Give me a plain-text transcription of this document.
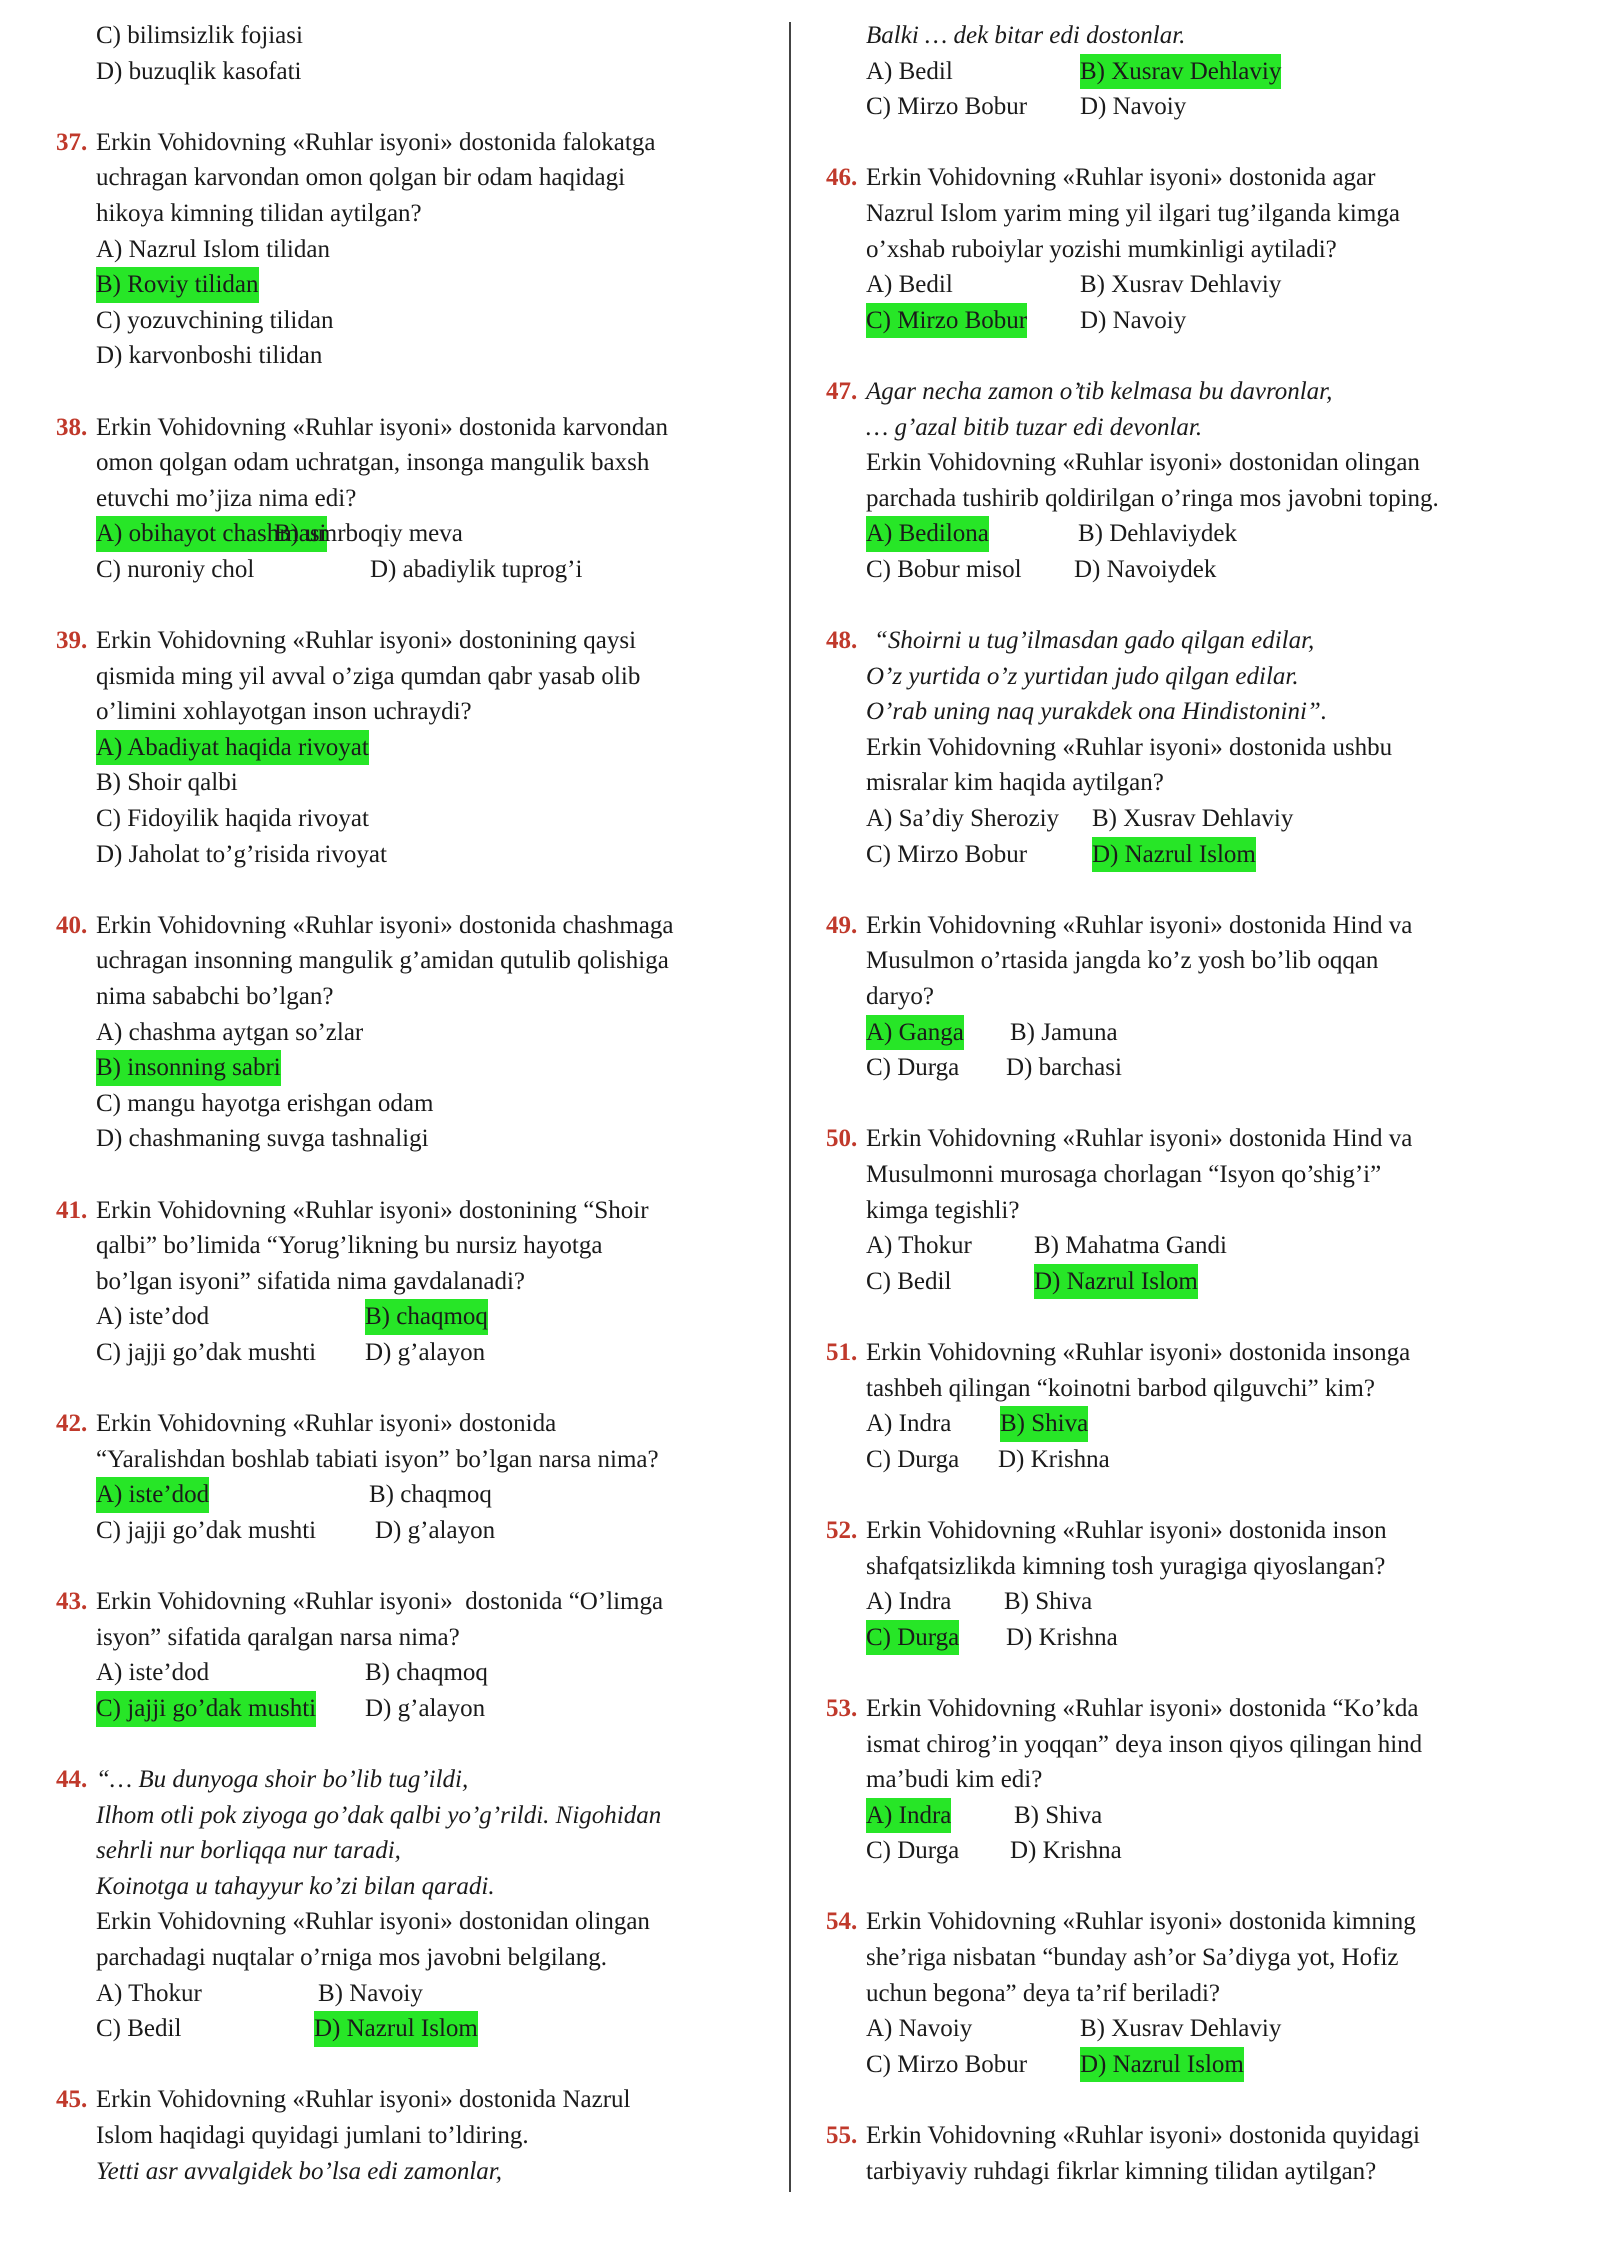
C) bilimsizlik fojiasi
D) buzuqlik kasofati
37. Erkin Vohidovning «Ruhlar isyoni» dostonida falokatga
uchragan karvondan omon qolgan bir odam haqidagi
hikoya kimning tilidan aytilgan?
A) Nazrul Islom tilidan
B) Roviy tilidan
C) yozuvchining tilidan
D) karvonboshi tilidan
38. Erkin Vohidovning «Ruhlar isyoni» dostonida karvondan
omon qolgan odam uchratgan, insonga mangulik baxsh
etuvchi mo’jiza nima edi?
A) obihayot chashmasi
B) umrboqiy meva
C) nuroniy chol	D) abadiylik tuprog’i
39. Erkin Vohidovning «Ruhlar isyoni» dostonining qaysi
qismida ming yil avval o’ziga qumdan qabr yasab olib
o’limini xohlayotgan inson uchraydi?
A) Abadiyat haqida rivoyat
B) Shoir qalbi
C) Fidoyilik haqida rivoyat
D) Jaholat to’g’risida rivoyat
40. Erkin Vohidovning «Ruhlar isyoni» dostonida chashmaga
uchragan insonning mangulik g’amidan qutulib qolishiga
nima sababchi bo’lgan?
A) chashma aytgan so’zlar
B) insonning sabri
C) mangu hayotga erishgan odam
D) chashmaning suvga tashnaligi
41. Erkin Vohidovning «Ruhlar isyoni» dostonining “Shoir
qalbi” bo’limida “Yorug’likning bu nursiz hayotga
bo’lgan isyoni” sifatida nima gavdalanadi?
A) iste’dod	B) chaqmoq
C) jajji go’dak mushti D) g’alayon
42. Erkin Vohidovning «Ruhlar isyoni» dostonida
“Yaralishdan boshlab tabiati isyon” bo’lgan narsa nima?
A) iste’dod	B) chaqmoq
C) jajji go’dak mushti D) g’alayon
43. Erkin Vohidovning «Ruhlar isyoni»  dostonida “O’limga
isyon” sifatida qaralgan narsa nima?
A) iste’dod	B) chaqmoq
C) jajji go’dak mushti D) g’alayon
44. “… Bu dunyoga shoir bo’lib tug’ildi,
Ilhom otli pok ziyoga go’dak qalbi yo’g’rildi. Nigohidan
sehrli nur borliqqa nur taradi,
Koinotga u tahayyur ko’zi bilan qaradi.
Erkin Vohidovning «Ruhlar isyoni» dostonidan olingan
parchadagi nuqtalar o’rniga mos javobni belgilang.
A) Thokur	B) Navoiy
C) Bedil	D) Nazrul Islom
45. Erkin Vohidovning «Ruhlar isyoni» dostonida Nazrul
Islom haqidagi quyidagi jumlani to’ldiring.
Yetti asr avvalgidek bo’lsa edi zamonlar,
Balki … dek bitar edi dostonlar.
A) Bedil	B) Xusrav Dehlaviy
C) Mirzo Bobur D) Navoiy
46. Erkin Vohidovning «Ruhlar isyoni» dostonida agar
Nazrul Islom yarim ming yil ilgari tug’ilganda kimga
o’xshab ruboiylar yozishi mumkinligi aytiladi?
A) Bedil	B) Xusrav Dehlaviy
C) Mirzo Bobur D) Navoiy
47. Agar necha zamon o’tib kelmasa bu davronlar,
… g’azal bitib tuzar edi devonlar.
Erkin Vohidovning «Ruhlar isyoni» dostonidan olingan
parchada tushirib qoldirilgan o’ringa mos javobni toping.
A) Bedilona	B) Dehlaviydek
C) Bobur misol D) Navoiydek
48. “Shoirni u tug’ilmasdan gado qilgan edilar,
O’z yurtida o’z yurtidan judo qilgan edilar.
O’rab uning naq yurakdek ona Hindistonini”.
Erkin Vohidovning «Ruhlar isyoni» dostonida ushbu
misralar kim haqida aytilgan?
A) Sa’diy Sheroziy B) Xusrav Dehlaviy
C) Mirzo Bobur	D) Nazrul Islom
49. Erkin Vohidovning «Ruhlar isyoni» dostonida Hind va
Musulmon o’rtasida jangda ko’z yosh bo’lib oqqan
daryo?
A) Ganga B) Jamuna
C) Durga D) barchasi
50. Erkin Vohidovning «Ruhlar isyoni» dostonida Hind va
Musulmonni murosaga chorlagan “Isyon qo’shig’i”
kimga tegishli?
A) Thokur B) Mahatma Gandi
C) Bedil	D) Nazrul Islom
51. Erkin Vohidovning «Ruhlar isyoni» dostonida insonga
tashbeh qilingan “koinotni barbod qilguvchi” kim?
A) Indra B) Shiva
C) Durga D) Krishna
52. Erkin Vohidovning «Ruhlar isyoni» dostonida inson
shafqatsizlikda kimning tosh yuragiga qiyoslangan?
A) Indra B) Shiva
C) Durga D) Krishna
53. Erkin Vohidovning «Ruhlar isyoni» dostonida “Ko’kda
ismat chirog’in yoqqan” deya inson qiyos qilingan hind
ma’budi kim edi?
A) Indra	B) Shiva
C) Durga D) Krishna
54. Erkin Vohidovning «Ruhlar isyoni» dostonida kimning
she’riga nisbatan “bunday ash’or Sa’diyga yot, Hofiz
uchun begona” deya ta’rif beriladi?
A) Navoiy	B) Xusrav Dehlaviy
C) Mirzo Bobur D) Nazrul Islom
55. Erkin Vohidovning «Ruhlar isyoni» dostonida quyidagi
tarbiyaviy ruhdagi fikrlar kimning tilidan aytilgan?
